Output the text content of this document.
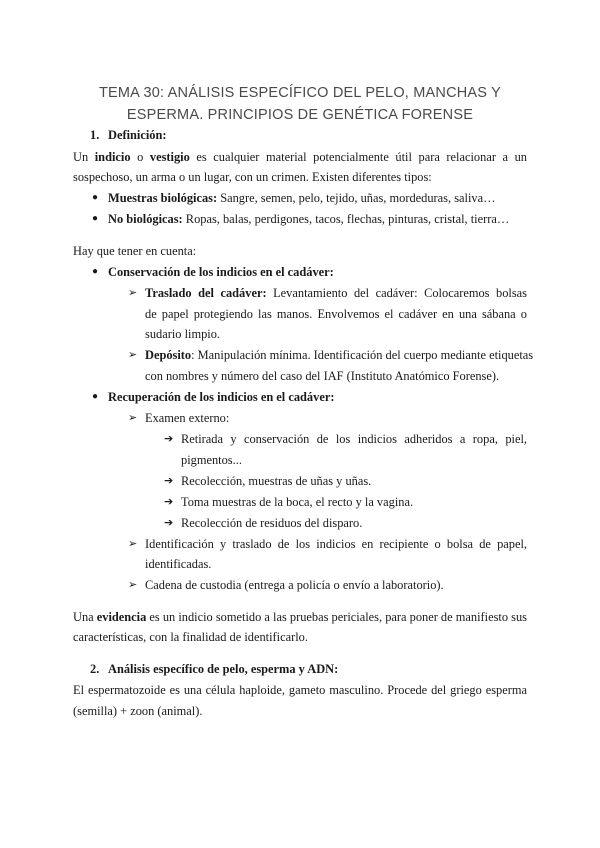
TEMA 30: ANÁLISIS ESPECÍFICO DEL PELO, MANCHAS Y
ESPERMA. PRINCIPIOS DE GENÉTICA FORENSE
1. Definición:
Un indicio o vestigio es cualquier material potencialmente útil para relacionar a un
sospechoso, un arma o un lugar, con un crimen. Existen diferentes tipos:
● Muestras biológicas: Sangre, semen, pelo, tejido, uñas, mordeduras, saliva…
● No biológicas: Ropas, balas, perdigones, tacos, flechas, pinturas, cristal, tierra…
Hay que tener en cuenta:
● Conservación de los indicios en el cadáver:
➢ Traslado del cadáver: Levantamiento del cadáver: Colocaremos bolsas
de papel protegiendo las manos. Envolvemos el cadáver en una sábana o
sudario limpio.
➢ Depósito: Manipulación mínima. Identificación del cuerpo mediante etiquetas
con nombres y número del caso del IAF (Instituto Anatómico Forense).
● Recuperación de los indicios en el cadáver:
➢ Examen externo:
➔ Retirada y conservación de los indicios adheridos a ropa, piel,
pigmentos...
➔ Recolección, muestras de uñas y uñas.
➔ Toma muestras de la boca, el recto y la vagina.
➔ Recolección de residuos del disparo.
➢ Identificación y traslado de los indicios en recipiente o bolsa de papel,
identificadas.
➢ Cadena de custodia (entrega a policía o envío a laboratorio).
Una evidencia es un indicio sometido a las pruebas periciales, para poner de manifiesto sus
características, con la finalidad de identificarlo.
2. Análisis específico de pelo, esperma y ADN:
El espermatozoide es una célula haploide, gameto masculino. Procede del griego esperma
(semilla) + zoon (animal).
